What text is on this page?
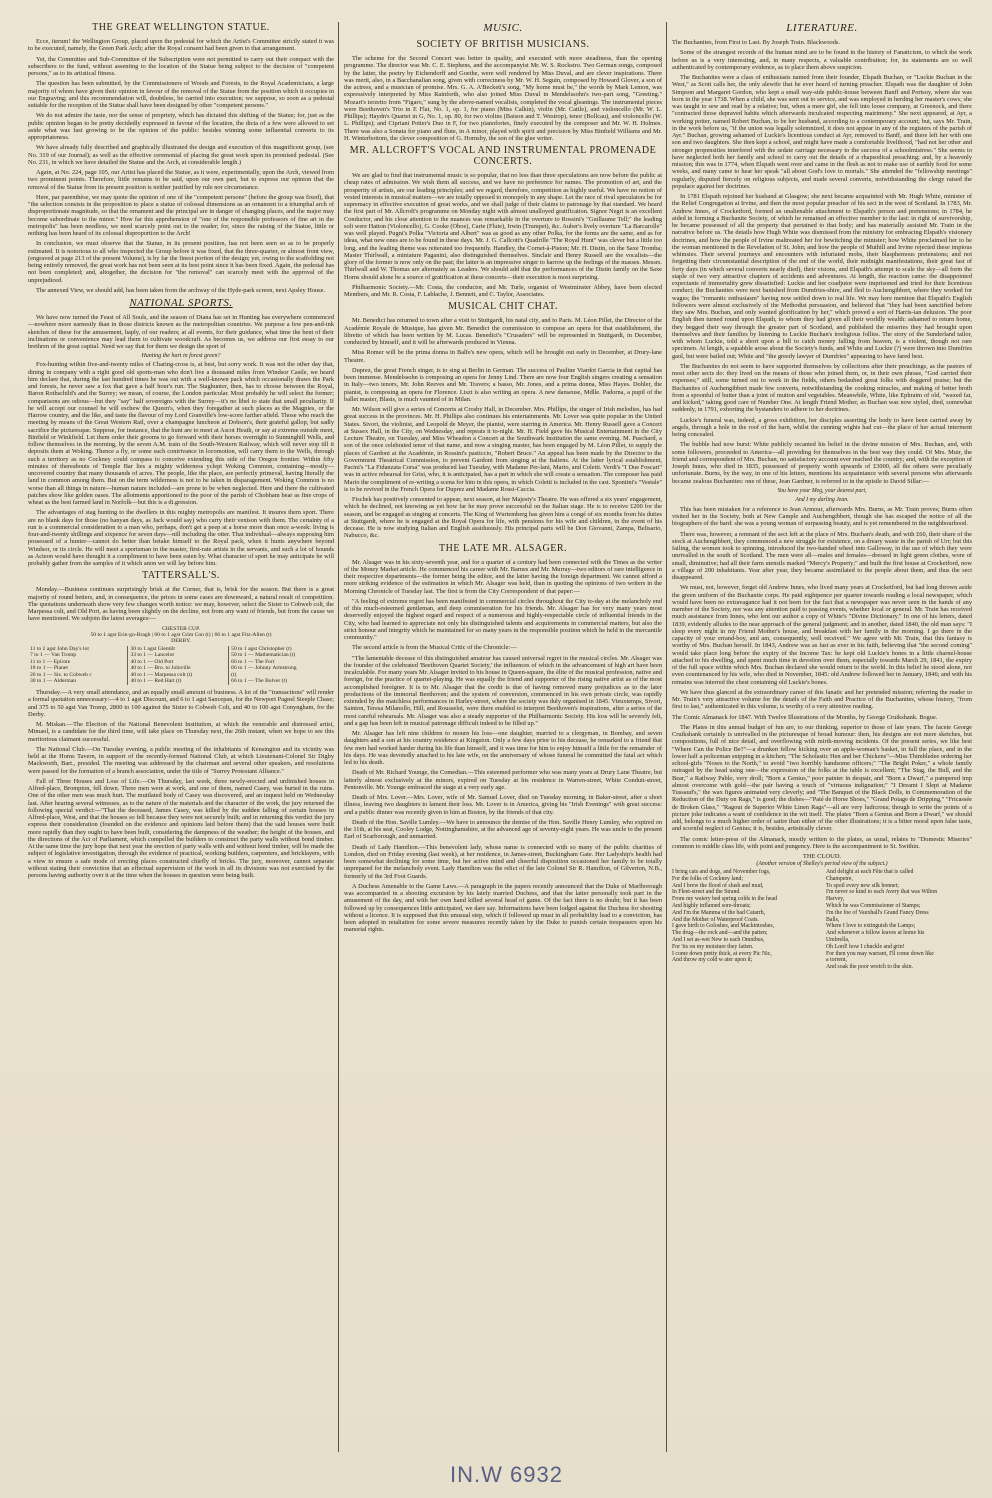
THE GREAT WELLINGTON STATUE.

Ecce, iterum! the Wellington Group, placed upon the pedestal for which the Artist's Committee strictly stated it was to be executed, namely, the Green Park Arch; after the Royal consent had been given to that arrangement.

Yet, the Committee and Sub-Committee of the Subscription were not permitted to carry out their compact with the subscribers to the fund, without assenting to the location of the Statue being subject to the decision of "competent persons," as to its artistical fitness.

The question has been submitted, by the Commissioners of Woods and Forests, to the Royal Academicians, a large majority of whom have given their opinion in favour of the removal of the Statue from the position which it occupies in our Engraving; and this recommendation will, doubtless, be carried into execution; we suppose, so soon as a pedestal suitable for the reception of the Statue shall have been designed by other "competent persons."

We do not admire the taste, nor the sense of propriety, which has dictated this shifting of the Statue; for, just as the public opinion began to be pretty decidedly expressed in favour of the location, the dicta of a few were allowed to set aside what was fast growing to be the opinion of the public: besides winning some influential converts to its appropriateness.

We have already fully described and graphically illustrated the design and execution of this magnificent group, (see No. 319 of our Journal); as well as the effective ceremonial of placing the great work upon its promised pedestal. (See No. 231, in which we have detailed the Statue and the Arch, at considerable length.)

Again, at No. 224, page 105, our Artist has placed the Statue, as it were, experimentally, upon the Arch, viewed from two prominent points. Therefore, little remains to be said, upon our own part, but to express our opinion that the removal of the Statue from its present position is neither justified by rule nor circumstance.

Here, par parenthèse, we may quote the opinion of one of the "competent persons" (before the group was fixed), that "the selection consists in the proposition to place a statue of colossal dimensions as an ornament to a triumphal arch of disproportionate magnitude, so that the ornament and the principal are in danger of changing places, and the major may become subordinate to the minor." How far this apprehension of "one of the responsible professors of fine art in the metropolis" has been needless, we need scarcely point out to the reader; for, since the raising of the Statue, little or nothing has been heard of its colossal disproportion to the Arch!

In conclusion, we must observe that the Statue, in its present position, has not been seen so as to be properly estimated. It is notorious to all who inspected the Group before it was fixed, that the three-quarter, or almost front view, (engraved at page 213 of the present Volume), is by far the finest portion of the design; yet, owing to the scaffolding not being entirely removed, the great work has not been seen at its best point since it has been fixed. Again, the pedestal has not been completed; and, altogether, the decision for "the removal" can scarcely meet with the approval of the unprejudiced.

The annexed View, we should add, has been taken from the archway of the Hyde-park screen, next Apsley House.

NATIONAL SPORTS.

We have now turned the Feast of All Souls, and the season of Diana has set in Hunting has everywhere commenced—nowhere more earnestly than in those districts known as the metropolitan countries. We purpose a few pen-and-ink sketches of these for the amusement, haply, of our readers; at all events, for their guidance, what time the bent of their inclinations or convenience may lead them to cultivate woodcraft. As becomes us, we address our first essay to our brethren of the great capital. Need we say that for them we design the sport of

Hunting the hart in forest green?

Fox-hunting within five-and-twenty miles of Charing-cross is, at best, but sorry work. It was not the other day that, dining in company with a right good old sports-man who don't live a thousand miles from Windsor Castle, we heard him declare that, during the last hundred times he was out with a well-known pack which occasionally draws the Park and forests, he never saw a fox that gave a half hour's run. The Staghunter, then, has to choose between the Royal, Baron Rothschild's and the Surrey; we mean, of course, the London particular. Most probably he will select the former; comparisons are odious—but they "say" half sovereigns with the Surrey—it's no libel to state that small peculiarity. If he will accept our counsel he will eschew the Queen's, when they foregather at such places as the Magpies, or the Harrow country, and the like, and taste the flavour of my Lord Granville's low-score farther afield. Those who reach the meeting by means of the Great Western Rail, over a champagne luncheon at Dobson's, their grateful gallop, but sadly sacrifice the picturesque. Suppose, for instance, that the hunt are to meet at Ascot Heath, or say at extreme outside meet, Binfield or Winkfield. Let them order their grooms to go forward with their horses overnight to Sunninghill Wells, and follow themselves in the morning, by the seven A.M. train of the South-Western Railway, which will never stop till it deposits them at Woking. Thence a fly, or some such contrivance in locomotion, will carry them to the Wells, through such a territory as no Cockney could compass to conceive extending this side of the Oregon frontier. Within fifty minutes of thereabouts of Temple Bar lies a mighty wilderness yclept Woking Common, containing—mostly—uncovered country that many thousands of acres. The people, like the place, are perfectly primeval, having literally the land in common among them. But on the term wilderness is not to be taken in disparagement. Woking Common is no worse than all things in nature—human nature included—are prone to be when neglected. Here and there the cultivated patches show like golden oases. The allotments apportioned to the poor of the parish of Chobham bear as fine crops of wheat as the best farmed land in Norfolk—but this is a di.gression.

The advantages of stag hunting to the dwellers in this mighty metropolis are manifest. It insures them sport. There are no blank days for those (no banyan days, as Jack would say) who carry their venison with them. The certainty of a run is a commercial consideration to a man who, perhaps, don't get a peep at a horse more than once a-week: living is four-and-twenty shillings and sixpence for seven days—nill including the otter. That individual—always supposing him possessed of a hunter—cannot do better than betake himself to the Royal pack, when it hunts anywhere beyond Windsor, or its circle. He will meet a sportsman in the master, first-rate artists in the servants, and such a lot of hounds as Acteon would have thought it a compliment to have been eaten by. What character of sport he may anticipate he will probably gather from the samples of it which anon we will lay before him.

TATTERSALL'S.

Monday.—Business continues surprisingly brisk at the Corner, that is, brisk for the season. But there is a great majority of round betters, and, in consequence, the prices in some cases are downward, a natural result of competition. The quotations underneath show very few changes worth notice: we may, however, select the Sister to Cobweb colt, the Marpessa colt, and Old Port, as having been slightly on the decline, not from any want of friends, but from the cause we have mentioned. We subjoin the latest averages:—

CHESTER CUP.
50 to 1 agst Erin-go-Bragh | 60 to 1 agst Crim Con (t) | 66 to 1 agst Fitz-Allen (t)
DERBY.
11 to 2 agst John Day's lot	30 to 1 agst Glentilt	50 to 1 agst Christopher (t)
7 to 1 — Van Tromp	33 to 1 — Lancelot	50 to 1 — Mathematician (t)
11 to 1 — Epirote	40 to 1 — Old Port	66 to 1 — The Fort
18 to 1 — Planet	40 to 1 — Bro. to Jolnville	66 to 1 — Johnny Armstrong
26 to 1 — Sis. to Cobweb c	40 to 1 — Marpessa colt (t)	(t)
30 to 1 — Alderman	40 to 1 — Red Hart (t)	66 to 1 — The Bolver (t)

Thursday.—A very small attendance, and an equally small amount of business. A lot of the "transactions" will render a formal quotation unnecessary:—4 to 1 agst Discount, and 6 to 1 agst Sancepan, for the Newport Pagnel Steeple Chase; and 375 to 50 agst Van Tromp, 2800 to 100 against the Sister to Cobweb Colt, and 40 to 100 agst Conyngham, for the Derby.

M. Miskan.—The Election of the National Benevolent Institution, at which the venerable and distressed artist, Mimaol, is a candidate for the third time, will take place on Thursday next, the 26th instant, when we hope to see this meritorious claimant successful.

The National Club.—On Tuesday evening, a public meeting of the inhabitants of Kensington and its vicinity was held at the Horns Tavern, in support of the recently-formed National Club, at which Lieutenant-Colonel Sir Digby Mackworth, Bart., presided. The meeting was addressed by the chairman and several other speakers, and resolutions were passed for the formation of a branch association, under the title of "Surrey Protestant Alliance."

Fall of Three Houses and Loss of Life.—On Thursday, last week, three newly-erected and unfinished houses in Alfred-place, Brompton, fell down. Three men were at work, and one of them, named Casey, was buried in the ruins. One of the other men was much hurt. The mutilated body of Casey was discovered, and an inquest held on Wednesday last. After hearing several witnesses, as to the nature of the materials and the character of the work, the jury returned the following special verdict:—"That the deceased, James Casey, was killed by the sudden falling of certain houses in Alfred-place, West, and that the houses so fell because they were not securely built; and in returning this verdict the jury express their consideration (founded on the evidence and opinions laid before them) that the said houses were built more rapidly than they ought to have been built, considering the dampness of the weather; the height of the houses, and the directions of the Act of Parliament, which compelled the builders to construct the party walls without bond timber. At the same time the jury hope that next year the erection of party walls with and without bond timber, will be made the subject of legislative investigation, through the evidence of practical, working builders, carpenters, and bricklayers, with a view to ensure a safe mode of erecting places constructed chiefly of bricks. The jury, moreover, cannot separate without stating their conviction that an effectual supervision of the work in all its divisions was not exercised by the persons having authority over it at the time when the houses in question were being built.

MUSIC.
SOCIETY OF BRITISH MUSICIANS.

The scheme for the Second Concert was better in quality, and executed with more steadiness, than the opening programme. The director was Mr. C. E. Stephens, and the accompanyist Mr. W. S. Rockstro. Two German songs, composed by the latter, the poetry by Eichendorff and Goethe, were well rendered by Miss Duval, and are clever inspirations. There was merit, also, in a Bacchanalian song, given with correctness by Mr. W. H. Seguin, composed by Howard Glover, a son of the actress, and a musician of promise. Mrs. G. A. A'Beckett's song, "My home must be," the words by Mark Lemon, was expressively interpreted by Miss Rainforth, who also joined Miss Duval in Mendelssohn's two-part song, "Greeting." Mozart's terzetto from "Figaro," sung by the above-named vocalists, completed the vocal gleanings. The instrumental pieces were Beethoven's Trio in E Flat, No. 1, op. 1, for piano (Miss Calkin), violin (Mr. Cattle), and violoncello (Mr. W. L. Phillips); Haydn's Quartet in G, No. 1, op. 80, for two violins (Baison and T. Westrop), tenor (Bollcau), and violoncello (W. L. Phillips); and Cipriani Potter's Duo in F, for two pianofortes, finely executed by the composer and Mr. W. H. Holmes. There was also a Sonata for piano and flute, in A minor, played with spirit and precision by Miss Binfield Williams and Mr. H. Winterbottom, the clever composition of G. Hornsby, the son of the glee writer.

MR. ALLCROFT'S VOCAL AND INSTRUMENTAL PROMENADE CONCERTS.

We are glad to find that instrumental music is so popular, that no less than three speculations are now before the public at cheap rates of admission. We wish them all success, and we have no preference for names. The promotion of art, and the prosperity of artists, are our leading principles; and we regard, therefore, competition as highly useful. We have no notion of vested interests in musical matters—we are totally opposed to monopoly in any shape. Let the race of rival speculators be for supremacy in effective execution of great works, and we shall judge of their claims to patronage by that standard. We heard the first part of Mr. Allcroft's programme on Monday night with almost unalloyed gratification. Signor Negri is an excellent Conductor, and his close attention to the nuances was remarkable in the overture to Rossini's "Guillaume Tell;" the leading soli were Hatton (Violoncello), G. Cooke (Oboe), Carte (Flute), Irwin (Trumpet), &c. Auber's lively overture "La Barcarolle" was well played. Pugni's Polka "Victoria and Albert" was as good as any other Polka, for the forms are the same, and as for ideas, what new ones are to be found in these days. Mr. J. G. Callcott's Quadrille "The Royal Hunt" was clever but a little too long, and the leading theme was reiterated too frequently. Handley, the Cornet-à-Piston; Mr. H. Distin, on the Saxe Tromba; Master Thirlwall, a miniature Paganini, also distinguished themselves. Sinclair and Henry Russell are the vocalists—the glory of the former is now only on the past; the latter is an impressive singer to harrow up the feelings of the masses. Messrs. Thirlwall and W. Thomas are alternately as Leaders. We should add that the performances of the Distin family on the Saxe Horns should alone be a source of gratification at these concerts—their execution is most surprising.

Philharmonic Society.—Mr. Costa, the conductor, and Mr. Turle, organist of Westminster Abbey, have been elected Members, and Mr. R. Costa, F. Lablache, J. Bennett, and C. Taylor, Associates.

MUSICAL CHIT CHAT.

Mr. Benedict has returned to town after a visit to Stuttgardt, his natal city, and to Paris. M. Léon Pillet, the Director of the Académie Royale de Musique, has given Mr. Benedict the commission to compose an opera for that establishment, the libretto of which has been written by M. Lucas. Benedict's "Crusaders" will be represented in Stuttgardt, in December, conducted by himself, and it will be afterwards produced in Vienna.

Miss Romer will be the prima donna in Balfe's new opera, which will be brought out early in December, at Drury-lane Theatre.

Duprez, the great French singer, is to sing at Berlin in German. The success of Pauline Viardot Garcia in that capital has been immense. Mendelssohn is composing an opera for Jenny Lind. There are now four English singers creating a sensation in Italy—two tenors, Mr. John Reeves and Mr. Travers; a basso, Mr. Jones, and a prima donna, Miss Hayes. Dohler, the pianist, is composing an opera for Florence. Liszt is also writing an opera. A new danseuse, Mdlle. Padorna, a pupil of the ballet master, Blasis, is much vaunted of in Milan.

Mr. Wilson will give a series of Concerts at Crosby Hall, in December. Mrs. Phillips, the singer of Irish melodies, has had great success in the provinces. Mr. H. Phillips also continues his entertainments. Mr. Lover was quite popular in the United States. Sivori, the violinist, and Leopold de Meyer, the pianist, were starring in America. Mr. Henry Russell gave a Concert at Sussex Hall, in the City, on Wednesday, and repeats it to-night. Mr. H. Field gave his Musical Entertainment in the City Lecture Theatre, on Tuesday, and Miss Wheadon a Concert at the Southwark Institution the same evening. M. Puschard, a son of the once celebrated tenor of that name, and now a singing master, has been engaged by M. Léon Pillet, to supply the places of Gardoni at the Académie, in Rossini's pasticcio, "Robert Bruce." An appeal has been made by the Director to the Government Theatrical Commission, to prevent Gardoni from singing at the Italiens. At the latter lyrical establishment, Pacini's "La Fidanzata Corsa" was produced last Tuesday, with Madame Per-lani, Mario, and Coletti. Verdi's "I Due Foscari" was in active rehearsal for Grisi, who, it is anticipated, has a part in which she will create a sensation. The composer has paid Mario the compliment of re-writing a scena for him in this opera, in which Coletti is included in the cast. Spontini's "Vestale" is to be revived in the French Opera for Duprez and Madame Rossi-Caccia.

Fischek has positively consented to appear, next season, at her Majesty's Theatre. He was offered a six years' engagement, which he declined, not knowing as yet how far he may prove successful on the Italian stage. He is to receive £200 for the season, and be engaged as singing at concerts. The King of Wurtemberg has given him a congé of six months from his duties at Stuttgardt, where he is engaged at the Royal Opera for life, with pensions for his wife and children, in the event of his decease. He is now studying Italian and English assiduously. His principal parts will be Don Giovanni, Zampa, Belisario, Nabucco, &c.

THE LATE MR. ALSAGER.

Mr. Alsager was in his sixty-seventh year, and for a quarter of a century had been connected with the Times as the writer of the Money Market article. He commenced his career with Mr. Barnes and Mr. Murray—two editors of rare intelligence in their respective departments—the former being the editor, and the latter having the foreign department. We cannot afford a more striking evidence of the estimation in which Mr. Alsager was held, than in quoting the opinions of two writers in the Morning Chronicle of Tuesday last. The first is from the City Correspondent of that paper:—

"A feeling of extreme regret has been manifested in commercial circles throughout the City to-day at the melancholy end of this much-esteemed gentleman, and deep commiseration for his friends. Mr. Alsager has for very many years most deservedly enjoyed the highest regard and respect of a numerous and highly-respectable circle of influential friends in the City, who had learned to appreciate not only his distinguished talents and acquirements in commercial matters, but also the strict honour and integrity which he maintained for so many years in the responsible position which he held in the mercantile community."

The second article is from the Musical Critic of the Chronicle:—

"The lamentable decease of this distinguished amateur has caused universal regret in the musical circles. Mr. Alsager was the founder of the celebrated 'Beethoven Quartet Society,' the influences of which in the advancement of high art have been incalculable. For many years Mr. Alsager invited to his house in Queen-square, the élite of the musical profession, native and foreign, for the practice of quartet-playing. He was equally the friend and supporter of the rising native artist as of the most accomplished foreigner. It is to Mr. Alsager that the credit is due of having removed many prejudices as to the later productions of the immortal Beethoven; and the system of conversion, commenced in his own private circle, was rapidly extended by the matchless performances in Harley-street, where the society was duly organised in 1845. Vieuxtemps, Sivori, Sainton, Teresa Milanollo, Hill, and Rousselot, were there enabled to interpret Beethoven's inspirations, after a series of the most careful rehearsals. Mr. Alsager was also a steady supporter of the Philharmonic Society. His loss will be severely felt, and a gap has been left in musical patronage difficult indeed to be filled up."

Mr. Alsager has left nine children to mourn his loss—one daughter, married to a clergyman, in Bombay, and seven daughters and a son at his country residence at Kingston. Only a few days prior to his decease, he remarked to a friend that few men had worked harder during his life than himself, and it was time for him to enjoy himself a little for the remainder of his days. He was devotedly attached to his late wife, on the anniversary of whose funeral he committed the fatal act which led to his death.

Death of Mr. Richard Younge, the Comedian.—This esteemed performer who was many years at Drury Lane Theatre, but latterly almost exclusively at the minors, expired on Tuesday at his residence in Warren-street, White Conduit-street, Pentonville. Mr. Younge embraced the stage at a very early age.

Death of Mrs. Lover.—Mrs. Lover, wife of Mr. Samuel Lover, died on Tuesday morning, in Baker-street, after a short illness, leaving two daughters to lament their loss. Mr. Lover is in America, giving his "Irish Evenings" with great success: and a public dinner was recently given to him at Boston, by the friends of that city.

Death of the Hon. Saville Lumley.—We have to announce the demise of the Hon. Saville Henry Lumley, who expired on the 11th, at his seat, Cooley Lodge, Nottinghamshire, at the advanced age of seventy-eight years. He was uncle to the present Earl of Scarborough, and unmarried.

Death of Lady Hamilton.—This benevolent lady, whose name is connected with so many of the public charities of London, died on Friday evening (last week), at her residence, in James-street, Buckingham Gate. Her Ladyship's health had been somewhat declining for some time, but her active mind and cheerful disposition occasioned her family to be totally unprepared for the melancholy event. Lady Hamilton was the relict of the late Colonel Sir R. Hamilton, of Gilverton, N.B., formerly of the 3rd Foot Guards.

A Duchess Amenable to the Game Laws.—A paragraph in the papers recently announced that the Duke of Marlborough was accompanied in a shooting excursion by his lately married Duchess, and that the latter personally took part in the amusement of the day, and with her own hand killed several head of game. Of the fact there is no doubt; but it has been followed up by consequences little anticipated, we dare say. Informations have been lodged against the Duchess for shooting without a licence. It is supposed that this unusual step, which if followed up must in all probability lead to a conviction, has been adopted in retaliation for some severe measures recently taken by the Duke to punish certain trespassers upon his manorial rights.

LITERATURE.

The Buchanites, from First to Last. By Joseph Train. Blackwoods.

Some of the strangest records of the human mind are to be found in the history of Fanaticism, to which the work before us is a very interesting, and, in many respects, a valuable contribution; for, its statements are so well authenticated by contemporary evidence, as to place them above suspicion.

The Buchanites were a class of enthusiasts named from their founder, Elspath Buchan, or "Luckie Buchan in the West," as Scott calls her, the only alewife that he ever heard of turning preacher. Elspath was the daughter of John Simpson and Margaret Gordon, who kept a small way-side public-house between Banff and Portsoy, where she was born in the year 1738. When a child, she was sent out to service, and was employed in herding her master's cows; she was taught to sew and read by a relative; but, when a mere girl, she fell into loose company, at Greenock, and there "contracted those depraved habits which afterwards inculcated respecting matrimony." She next appeared, at Ayr, a working potter, named Robert Buchan, to be her husband, according to a contemporary account; but, says Mr. Train, in the work before us, "if the union was legally solemnized, it does not appear in any of the registers of the parish of Ayr." Buchan, growing ashamed of Luckie's licentious conduct at Ayr, removed to Banff, and there left her with one son and two daughters. She then kept a school, and might have made a comfortable livelihood, "had not her other and stronger propensities interfered with the sedate carriage necessary to the success of a schoolmistress." She seems to have neglected both her family and school to carry out the details of a rhapsodical preaching; and, by a heavenly mission; this was in 1774, when Elspath went over and came in the flesh as not to make use of earthly food for some weeks, and many came to hear her speak "all about God's love to mortals." She attended the "fellowship meetings" regularly, disputed fiercely on religious subjects, and made several converts, notwithstanding the clergy raised the populace against her doctrines.

In 1781 Elspath rejoined her husband at Glasgow; she next became acquainted with Mr. Hugh White, minister of the Relief Congregation at Irvine, and then the most popular preacher of his sect in the west of Scotland. In 1783, Mr. Andrew Innes, of Crocketford, formed an unalienable attachment to Elspath's person and pretensions; in 1784, he aided in forming a Buchanite Society, of which he remained an effective member to the last: in right of survivorship, he became possessed of all the property that pertained to that body; and has materially assisted Mr. Train in the narrative before us. The details how Hugh White was dismissed from the ministry for embracing Elspath's visionary doctrines, and how the people of Irvine maltreated her for bewitching the minister; how White proclaimed her to be the woman mentioned in the Revelation of St. John; and how the people of Muthill and Irvine rejected these impious whimsies. Their several journeys and encounters with infuriated mobs, their blasphemous pretensions; and not forgetting their circumstantial description of the end of the world, their midnight manifestations, their great fast of forty days (in which several converts nearly died), their visions, and Elspath's attempt to scale the sky—all form the staple of two very attractive chapters of accidents and adventures. At length, the reaction came: the disappointed expectants of immortality grew dissatisfied: Luckie and her coadjutor were imprisoned and tried for their licentious conduct; the Buchanites were next banished from Dumfries-shire, and fled to Auchengibbert, where they worked for wages; the "romantic enthusiasm" having now settled down to real life. We may here mention that Elspath's English followers were almost exclusively of the Methodist persuasion, and believed that "they had been sanctified before they saw Mrs. Buchan, and only wanted glorification by her," which proved a sort of Harris-ian delusion. The poor English then turned round upon Elspath, to whom they had given all their worldly wealth: ashamed to return home, they begged their way through the greater part of Scotland, and published the miseries they had brought upon themselves and their families by listening to Luckie Buchan's irreligious follies. The story of the Sunderland tailor, with whom Luckie, told a short upon a bill to catch money falling from heaven, is a violent, though not rare specimen. At length, a squabble arose about the Society's funds, and White and Luckie (?) were thrown into Dumfries gaol, but were bailed out; White and "the greedy lawyer of Dumfries" appearing to have fared best.

The Buchanites do not seem to have supported themselves by collections after their preachings, as the pastors of most other sects do: they lived on the means of those who joined them, or, in their own phrase, "God carried their expenses;" still, some turned out to work in the fields, others bedaubed great folks with doggerel praise; but the Buchanites of Auchengibbert made few converts, notwithstanding the cooking miracles, and making of better broth from a spoonful of butter than a joint of mutton and vegetables. Meanwhile, White, like Ephraim of old, "waxed fat, and kicked," taking good care of Number One. At length Friend Mother, as Buchan was now styled, died, somewhat suddenly, in 1791, exhorting the bystanders to adhere to her doctrines.

Luckie's funeral was, indeed, a gross exhibition, her disciples asserting the body to have been carried away by angels, through a hole in the roof of the barn, whilst the cunning wights had cut—the place of her actual interment being concealed.

The bubble had now burst: White publicly recanted his belief in the divine mission of Mrs. Buchan, and, with some followers, proceeded to America—all providing for themselves in the best way they could. Of Mrs. Muir, the friend and correspondent of Mrs. Buchan, no satisfactory account ever reached the country; and, with the exception of Joseph Innes, who died in 1835, possessed of property worth upwards of £3000, all the others were peculiarly unfortunate. Burns, by the way, in one of his letters, mentions his acquaintance with several persons who afterwards became zealous Buchanites: one of these, Jean Gardner, is referred to in the epistle to David Sillar:—

You have your Meg, your dearest part,
And I my darling Jean.

This has been mistaken for a reference to Jean Armour, afterwards Mrs. Burns, as Mr. Train proves; Burns often visited her in the Society, both at New Cample and Auchengibbert, though she has escaped the notice of all the biographers of the bard: she was a young woman of surpassing beauty, and is yet remembered in the neighbourhood.

There was, however, a remnant of the sect left at the place of Mrs. Buchan's death, and with £60, their share of the stock at Auchengibbert, they commenced a new struggle for existence, on a dreary waste in the parish of Urr; but this failing, the women took to spinning, introduced the two-handed wheel into Galloway, in the use of which they were unrivalled in the south of Scotland. The men were all—males and females—dressed in light green clothes, wore of small, diminutive; had all their farm utensils marked "Mercy's Property;" and built the first house at Crocketford, now a village of 200 inhabitants. Year after year, they became assimilated to the people about them, and thus the sect disappeared.

We must, not, however, forget old Andrew Innes, who lived many years at Crocketford, but had long thrown aside the green uniform of the Buchanite corps. He paid eightpence per quarter towards reading a local newspaper, which would have been no extravagance had it not been for the fact that a newspaper was never seen in the hands of any member of the Society, nor was any attention paid to passing events, whether local or general. Mr. Train has received much assistance from Innes, who lent our author a copy of White's "Divine Dictionary." In one of his letters, dated 1839, evidently alludes to the near approach of the general judgment; and in another, dated 1840, the old man says: "I sleep every night in my Friend Mother's house, and breakfast with her family in the morning. I go there in the capacity of your errand-boy, and am, consequently, well received." We agree with Mr. Train, that this fantasy is worthy of Mrs. Buchan herself. In 1843, Andrew was as fast as ever in his faith, believing that "the second coming" would take place long before the expiry of the Income Tax: he kept old Luckie's bones in a little charnel-house attached to his dwelling, and spent much time in devotion over them, especially towards March 29, 1841, the expiry of the full space within which Mrs. Buchan declared she would return to the world. In this belief he stood alone, not even countenanced by his wife, who died in November, 1845: old Andrew followed her in January, 1846; and with his remains was interred the chest containing old Luckie's bones.

We have thus glanced at the extraordinary career of this fanatic and her pretended mission; referring the reader to Mr. Train's very attractive volume for the details of the Faith and Practice of the Buchanites, whose history, "from first to last," authenticated in this volume, is worthy of a very attentive reading.

The Comic Almanack for 1847. With Twelve Illustrations of the Months, by George Cruikshank. Bogue.

The Plates in this annual budget of fun are, to our thinking, superior to those of late years. The facete George Cruikshank certainly is unrivalled in the picturesque of broad humour: then, his designs are not mere sketches, but compositions, full of nice detail, and overflowing with mirth-moving incidents. Of the present series, we like best "Where Can the Police Be?"—a drunken fellow kicking over an apple-woman's basket, in full the place, and in the lower half a policeman snipping in a kitchen; "The Scholastic Hen and her Chickens"—Miss Thimbledee ordering her school-girls "Noses to the North," to avoid "two horribly handsome officers;" "The Bright Poker," a whole family outraged by the head using one—the expression of the folks at the table is excellent; "The Stag, the Bull, and the Bear," a Railway Pablo, very droll; "Born a Genius," poor painter in despair, and "Born a Dwarf," a pampered imp almost overcome with gold—the pair having a touch of "virtuous indignation;" "I Dreamt I Slept at Madame Tussaud's," the wax figures animated very cleverly; and "The Banquet of the Black Dolls, in Commemoration of the Reduction of the Duty on Rags," is good; the dishes—"Paté de Horse Shoes," "Grand Potage de Dripping," "Fricassée de Broken Glass," "Ragout de Superior White Linen Rags"—all are very ludicrous; though to write the points of a picture joke indicates a want of confidence in the wit itself. The plates "Born a Genius and Born a Dwarf," we should add, belongs to a much higher order of satire than either of the other illustrations; it is a bitter moral upon false taste, and scornful neglect of Genius; it is, besides, artistically clever.

The comic letter-press of the Almanack, mostly written to the plates, as usual, relates to "Domestic Miseries" common to middle class life, with point and pungency. Here is the accompaniment to St. Swithin.

THE CLOUD.
(Another version of Shelley's period view of the subject.)
I bring cats and dogs, and November fogs,
For the folks of Cockney land;
And I brew the flood of slush and mud,
In Fleet-street and the Strand.
From my watery bed spring colds in the head
And highly inflamed sore-throats;
And I'm the Mamma of the bad Catarrh,
And the Mother of Waterproof Coats.
I gave birth to Goloshes, and Mackintoshes,
The drug—the rock and—and the patten;
And I set as-wet New to each Omnibus,
For 'tis on my moisture they fatten.
I come down pretty thick, at every Pic Nic,
And throw my cold w ater upon it;
And delight at each Fête that is called
Champetre,
To spoil every new silk bonnet;
I'm never so kind to each Avery that was Wilton
Harvey,
Which he was Commissioner of Stamps;
I'm the foe of Vauxhall's Grand Fancy Dress
Balls,
Where I love to extinguish the Lamps;
And whenever a fellow leaves at home his
Umbrella,
Oh Lord! how I chuckle and grin!
For then you may warrant, I'll come down like
a torrent,
And soak the poor wretch to the skin.
IN.W 6932
